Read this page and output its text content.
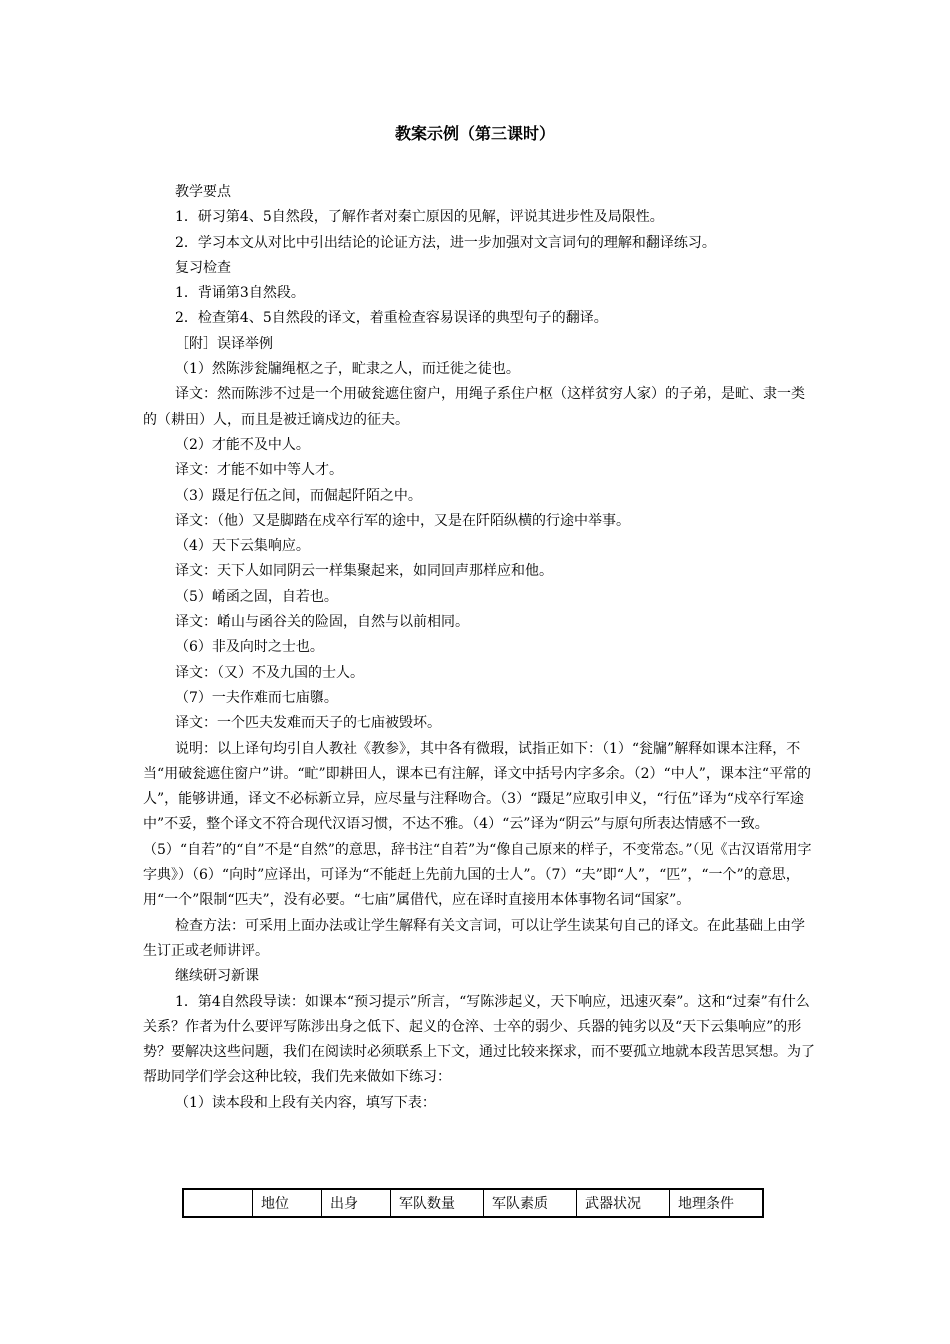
教案示例（第三课时）

教学要点

1．研习第4、5自然段，了解作者对秦亡原因的见解，评说其进步性及局限性。

2．学习本文从对比中引出结论的论证方法，进一步加强对文言词句的理解和翻译练习。

复习检查

1．背诵第3自然段。

2．检查第4、5自然段的译文，着重检查容易误译的典型句子的翻译。

［附］误译举例

（1）然陈涉瓮牖绳枢之子，甿隶之人，而迁徙之徒也。

译文：然而陈涉不过是一个用破瓮遮住窗户，用绳子系住户枢（这样贫穷人家）的子弟，是甿、隶一类的（耕田）人，而且是被迁谪戍边的征夫。

（2）才能不及中人。

译文：才能不如中等人才。

（3）蹑足行伍之间，而倔起阡陌之中。

译文：（他）又是脚踏在戍卒行军的途中，又是在阡陌纵横的行途中举事。

（4）天下云集响应。

译文：天下人如同阴云一样集聚起来，如同回声那样应和他。

（5）崤函之固，自若也。

译文：崤山与函谷关的险固，自然与以前相同。

（6）非及向时之士也。

译文：（又）不及九国的士人。

（7）一夫作难而七庙隳。

译文：一个匹夫发难而天子的七庙被毁坏。

说明：以上译句均引自人教社《教参》，其中各有微瑕，试指正如下：（1）“瓮牖”解释如课本注释，不当“用破瓮遮住窗户”讲。“甿”即耕田人，课本已有注解，译文中括号内字多余。（2）“中人”，课本注“平常的人”，能够讲通，译文不必标新立异，应尽量与注释吻合。（3）“蹑足”应取引申义，“行伍”译为“戍卒行军途中”不妥，整个译文不符合现代汉语习惯，不达不雅。（4）“云”译为“阴云”与原句所表达情感不一致。（5）“自若”的“自”不是“自然”的意思，辞书注“自若”为“像自己原来的样子，不变常态。”（见《古汉语常用字字典》）（6）“向时”应译出，可译为“不能赶上先前九国的士人”。（7）“夫”即“人”，“匹”，“一个”的意思，用“一个”限制“匹夫”，没有必要。“七庙”属借代，应在译时直接用本体事物名词“国家”。

检查方法：可采用上面办法或让学生解释有关文言词，可以让学生读某句自己的译文。在此基础上由学生订正或老师讲评。

继续研习新课

1．第4自然段导读：如课本“预习提示”所言，“写陈涉起义，天下响应，迅速灭秦”。这和“过秦”有什么关系？作者为什么要评写陈涉出身之低下、起义的仓淬、士卒的弱少、兵器的钝劣以及“天下云集响应”的形势？要解决这些问题，我们在阅读时必须联系上下文，通过比较来探求，而不要孤立地就本段苦思冥想。为了帮助同学们学会这种比较，我们先来做如下练习：

（1）读本段和上段有关内容，填写下表：

	地位	出身	军队数量	军队素质	武器状况	地理条件
